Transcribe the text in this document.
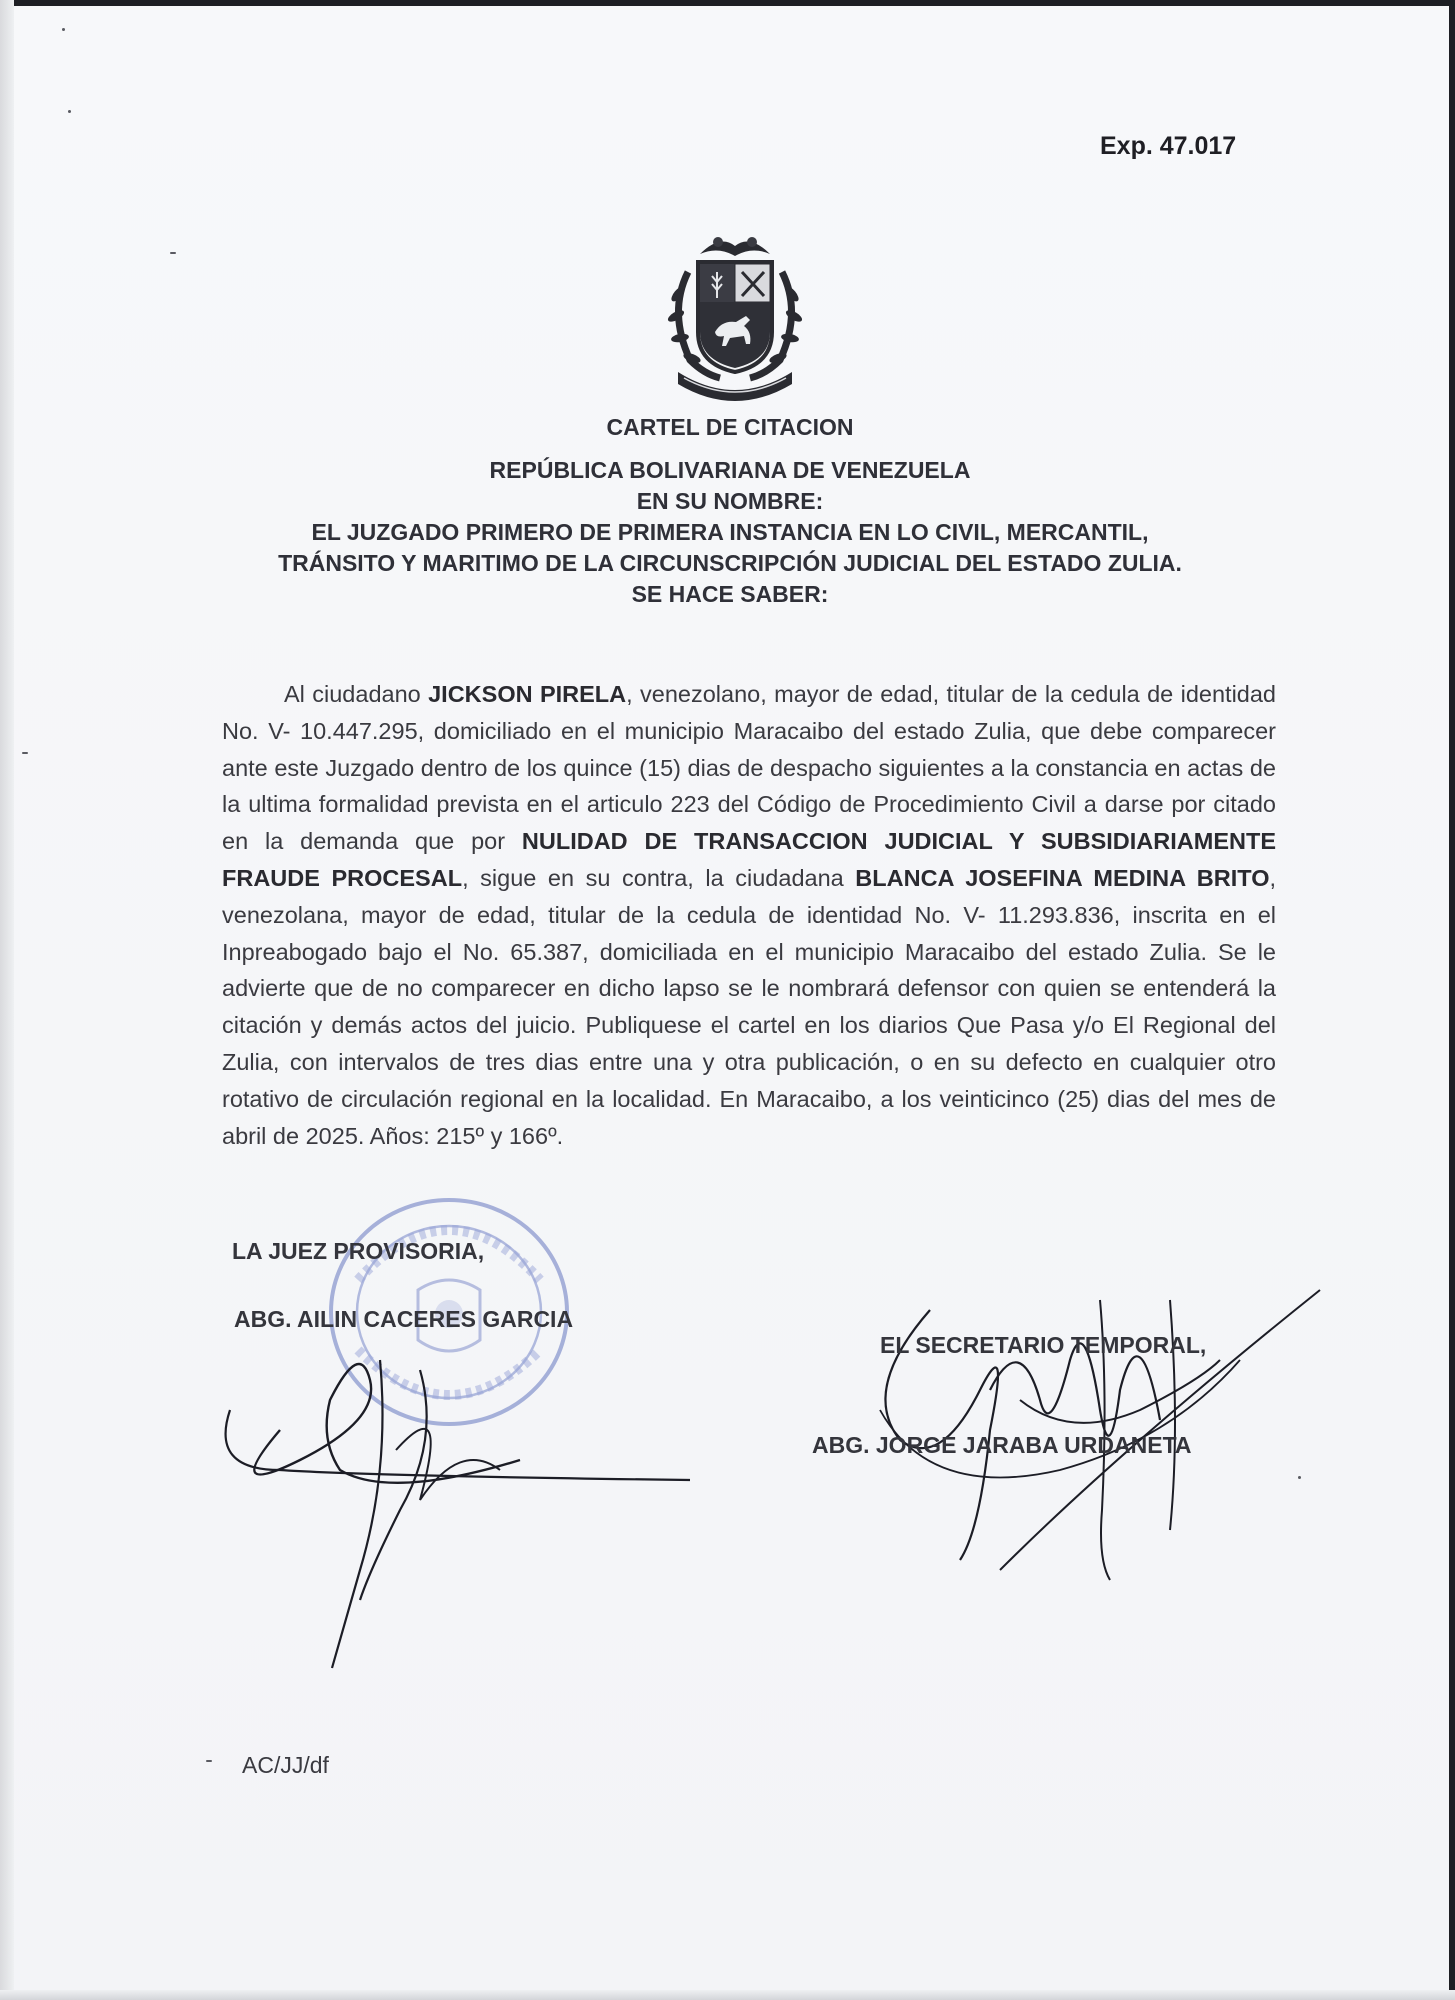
Exp. 47.017
CARTEL DE CITACION
REPÚBLICA BOLIVARIANA DE VENEZUELA
EN SU NOMBRE:
EL JUZGADO PRIMERO DE PRIMERA INSTANCIA EN LO CIVIL, MERCANTIL,
TRÁNSITO Y MARITIMO DE LA CIRCUNSCRIPCIÓN JUDICIAL DEL ESTADO ZULIA.
SE HACE SABER:

Al ciudadano JICKSON PIRELA, venezolano, mayor de edad, titular de la cedula de identidad No. V- 10.447.295, domiciliado en el municipio Maracaibo del estado Zulia, que debe comparecer ante este Juzgado dentro de los quince (15) dias de despacho siguientes a la constancia en actas de la ultima formalidad prevista en el articulo 223 del Código de Procedimiento Civil a darse por citado en la demanda que por NULIDAD DE TRANSACCION JUDICIAL Y SUBSIDIARIAMENTE FRAUDE PROCESAL, sigue en su contra, la ciudadana BLANCA JOSEFINA MEDINA BRITO, venezolana, mayor de edad, titular de la cedula de identidad No. V- 11.293.836, inscrita en el Inpreabogado bajo el No. 65.387, domiciliada en el municipio Maracaibo del estado Zulia. Se le advierte que de no comparecer en dicho lapso se le nombrará defensor con quien se entenderá la citación y demás actos del juicio. Publiquese el cartel en los diarios Que Pasa y/o El Regional del Zulia, con intervalos de tres dias entre una y otra publicación, o en su defecto en cualquier otro rotativo de circulación regional en la localidad. En Maracaibo, a los veinticinco (25) dias del mes de abril de 2025. Años: 215º y 166º.

LA JUEZ PROVISORIA,
ABG. AILIN CACERES GARCIA
EL SECRETARIO TEMPORAL,
ABG. JORGE JARABA URDANETA
AC/JJ/df
